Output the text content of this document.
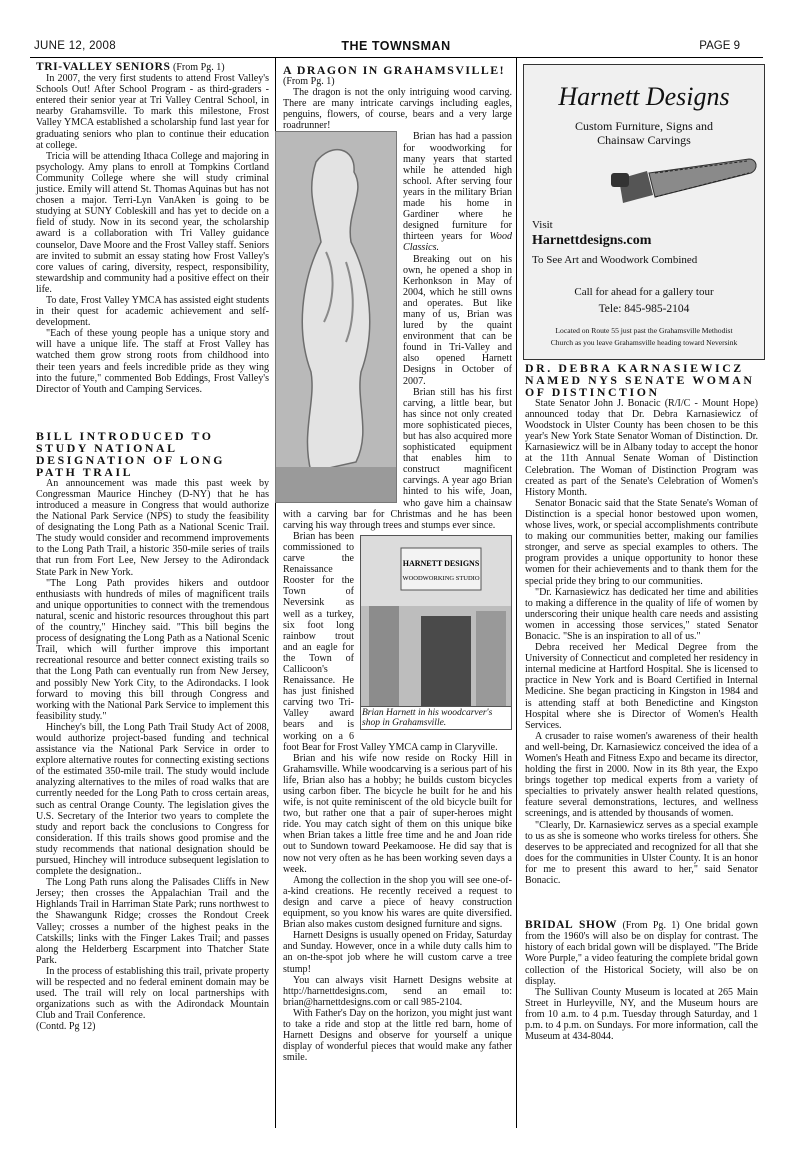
JUNE 12, 2008	THE TOWNSMAN	PAGE 9

TRI-VALLEY SENIORS (From Pg. 1)

In 2007, the very first students to attend Frost Valley's Schools Out! After School Program - as third-graders - entered their senior year at Tri Valley Central School, in nearby Grahamsville. To mark this milestone, Frost Valley YMCA established a scholarship fund last year for graduating seniors who plan to continue their education at college.

Tricia will be attending Ithaca College and majoring in psychology. Amy plans to enroll at Tompkins Cortland Community College where she will study criminal justice. Emily will attend St. Thomas Aquinas but has not chosen a major. Terri-Lyn VanAken is going to be studying at SUNY Cobleskill and has yet to decide on a field of study. Now in its second year, the scholarship award is a collaboration with Tri Valley guidance counselor, Dave Moore and the Frost Valley staff. Seniors are invited to submit an essay stating how Frost Valley's core values of caring, diversity, respect, responsibility, stewardship and community had a positive effect on their life.

To date, Frost Valley YMCA has assisted eight students in their quest for academic achievement and self-development.

"Each of these young people has a unique story and will have a unique life. The staff at Frost Valley has watched them grow strong roots from childhood into their teen years and feels incredible pride as they wing into the future," commented Bob Eddings, Frost Valley's Director of Youth and Camping Services.

BILL INTRODUCED TO STUDY NATIONAL DESIGNATION OF LONG PATH TRAIL

An announcement was made this past week by Congressman Maurice Hinchey (D-NY) that he has introduced a measure in Congress that would authorize the National Park Service (NPS) to study the feasibility of designating the Long Path as a National Scenic Trail. The study would consider and recommend improvements to the Long Path Trail, a historic 350-mile series of trails that run from Fort Lee, New Jersey to the Adirondack State Park in New York.

"The Long Path provides hikers and outdoor enthusiasts with hundreds of miles of magnificent trails and unique opportunities to connect with the tremendous natural, scenic and historic resources throughout this part of the country," Hinchey said. "This bill begins the process of designating the Long Path as a National Scenic Trail, which will further improve this important recreational resource and better connect existing trails so that the Long Path can eventually run from New Jersey, and possibly New York City, to the Adirondacks. I look forward to moving this bill through Congress and working with the National Park Service to implement this feasibility study."

Hinchey's bill, the Long Path Trail Study Act of 2008, would authorize project-based funding and technical assistance via the National Park Service in order to explore alternative routes for connecting existing sections of the estimated 350-mile trail. The study would include analyzing alternatives to the miles of road walks that are currently needed for the Long Path to cross certain areas, such as central Orange County. The legislation gives the U.S. Secretary of the Interior two years to complete the study and report back the conclusions to Congress for consideration. If this trails shows good promise and the study recommends that national designation should be pursued, Hinchey will introduce subsequent legislation to complete the designation..

The Long Path runs along the Palisades Cliffs in New Jersey; then crosses the Appalachian Trail and the Highlands Trail in Harriman State Park; runs northwest to the Shawangunk Ridge; crosses the Rondout Creek Valley; crosses a number of the highest peaks in the Catskills; links with the Finger Lakes Trail; and passes along the Helderberg Escarpment into Thatcher State Park.

In the process of establishing this trail, private property will be respected and no federal eminent domain may be used. The trail will rely on local partnerships with organizations such as with the Adirondack Mountain Club and Trail Conference.

(Contd. Pg 12)

A DRAGON IN GRAHAMSVILLE!

(From Pg. 1)

The dragon is not the only intriguing wood carving. There are many intricate carvings including eagles, penguins, flowers, of course, bears and a very large roadrunner!

Brian has had a passion for woodworking for many years that started while he attended high school. After serving four years in the military Brian made his home in Gardiner where he designed furniture for thirteen years for Wood Classics.

Breaking out on his own, he opened a shop in Kerhonkson in May of 2004, which he still owns and operates. But like many of us, Brian was lured by the quaint environment that can be found in Tri-Valley and also opened Harnett Designs in October of 2007.

Brian still has his first carving, a little bear, but has since not only created more sophisticated pieces, but has also acquired more sophisticated equipment that enables him to construct magnificent carvings. A year ago Brian hinted to his wife, Joan, who gave him a chainsaw with a carving bar for Christmas and he has been carving his way through trees and stumps ever since.

HARNETT DESIGNS
WOODWORKING STUDIO
Brian Harnett in his woodcarver's shop in Grahamsville.

Brian has been commissioned to carve the Renaissance Rooster for the Town of Neversink as well as a turkey, six foot long rainbow trout and an eagle for the Town of Callicoon's Renaissance. He has just finished carving two Tri-Valley award bears and is working on a 6 foot Bear for Frost Valley YMCA camp in Claryville.

Brian and his wife now reside on Rocky Hill in Grahamsville. While woodcarving is a serious part of his life, Brian also has a hobby; he builds custom bicycles using carbon fiber. The bicycle he built for he and his wife, is not quite reminiscent of the old bicycle built for two, but rather one that a pair of super-heroes might ride. You may catch sight of them on this unique bike when Brian takes a little free time and he and Joan ride out to Sundown toward Peekamoose. He did say that is now not very often as he has been working seven days a week.

Among the collection in the shop you will see one-of-a-kind creations. He recently received a request to design and carve a piece of heavy construction equipment, so you know his wares are quite diversified. Brian also makes custom designed furniture and signs.

Harnett Designs is usually opened on Friday, Saturday and Sunday. However, once in a while duty calls him to an on-the-spot job where he will custom carve a tree stump!

You can always visit Harnett Designs website at http://harnettdesigns.com, send an email to: brian@harnettdesigns.com or call 985-2104.

With Father's Day on the horizon, you might just want to take a ride and stop at the little red barn, home of Harnett Designs and observe for yourself a unique display of wonderful pieces that would make any father smile.

Harnett Designs
Custom Furniture, Signs and
Chainsaw Carvings
Visit
Harnettdesigns.com
To See Art and Woodwork Combined
Call for ahead for a gallery tour
Tele: 845-985-2104
Located on Route 55 just past the Grahamsville Methodist
Church as you leave Grahamsville heading toward Neversink
DR. DEBRA KARNASIEWICZ NAMED NYS SENATE WOMAN OF DISTINCTION

State Senator John J. Bonacic (R/I/C - Mount Hope) announced today that Dr. Debra Karnasiewicz of Woodstock in Ulster County has been chosen to be this year's New York State Senator Woman of Distinction. Dr. Karnasiewicz will be in Albany today to accept the honor at the 11th Annual Senate Woman of Distinction Celebration. The Woman of Distinction Program was created as part of the Senate's Celebration of Women's History Month.

Senator Bonacic said that the State Senate's Woman of Distinction is a special honor bestowed upon women, whose lives, work, or special accomplishments contribute to making our communities better, making our families stronger, and serve as special examples to others. The program provides a unique opportunity to honor these women for their achievements and to thank them for the special pride they bring to our communities.

"Dr. Karnasiewicz has dedicated her time and abilities to making a difference in the quality of life of women by underscoring their unique health care needs and assisting women in accessing those services," stated Senator Bonacic. "She is an inspiration to all of us."

Debra received her Medical Degree from the University of Connecticut and completed her residency in internal medicine at Hartford Hospital. She is licensed to practice in New York and is Board Certified in Internal Medicine. She began practicing in Kingston in 1984 and is attending staff at both Benedictine and Kingston Hospital where she is Director of Women's Health Services.

A crusader to raise women's awareness of their health and well-being, Dr. Karnasiewicz conceived the idea of a Women's Heath and Fitness Expo and became its director, holding the first in 2000. Now in its 8th year, the Expo brings together top medical experts from a variety of specialties to privately answer health related questions, feature several demonstrations, lectures, and wellness screenings, and is attended by thousands of women.

"Clearly, Dr. Karnasiewicz serves as a special example to us as she is someone who works tireless for others. She deserves to be appreciated and recognized for all that she does for the communities in Ulster County. It is an honor for me to present this award to her," said Senator Bonacic.

BRIDAL SHOW (From Pg. 1) One bridal gown from the 1960's will also be on display for contrast. The history of each bridal gown will be displayed. "The Bride Wore Purple," a video featuring the complete bridal gown collection of the Historical Society, will also be on display.

The Sullivan County Museum is located at 265 Main Street in Hurleyville, NY, and the Museum hours are from 10 a.m. to 4 p.m. Tuesday through Saturday, and 1 p.m. to 4 p.m. on Sundays. For more information, call the Museum at 434-8044.
